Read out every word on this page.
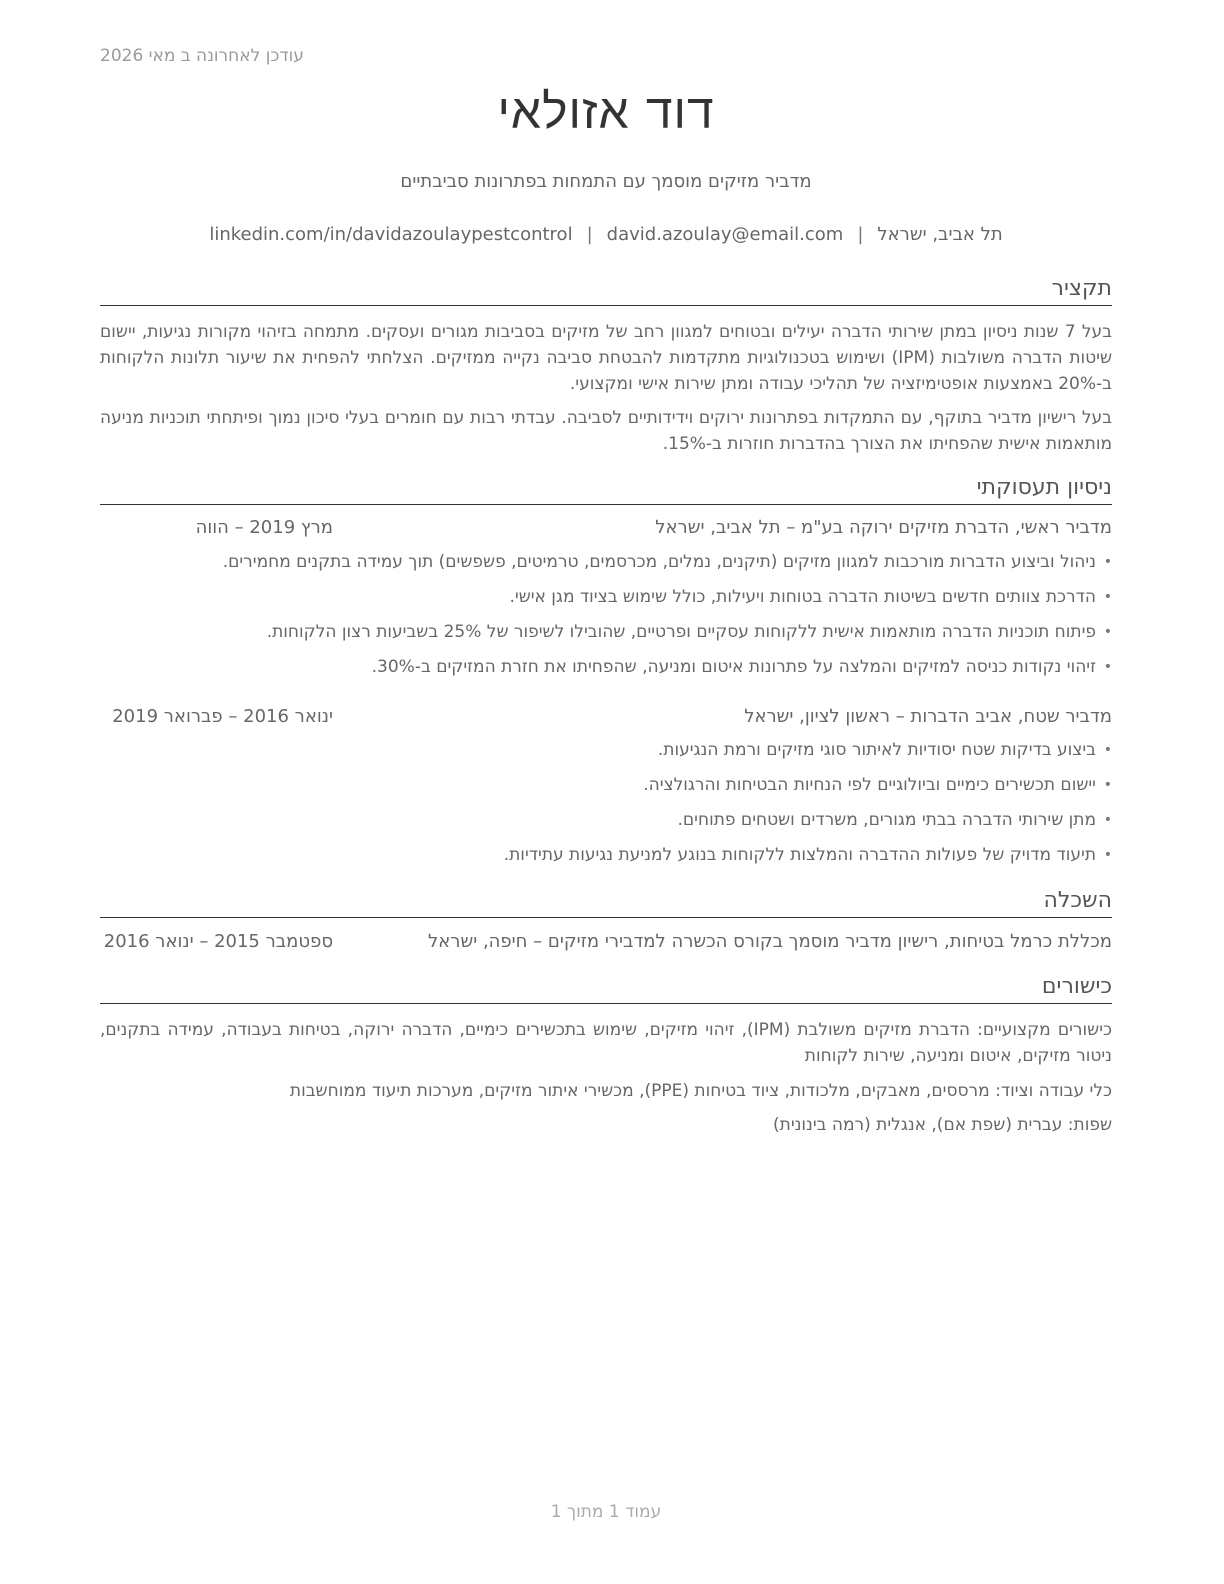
עודכן לאחרונה ב מאי 2026
דוד אזולאי
מדביר מזיקים מוסמך עם התמחות בפתרונות סביבתיים
תל אביב, ישראל|david.azoulay@email.com|linkedin.com/in/davidazoulaypestcontrol
תקציר
בעל 7 שנות ניסיון במתן שירותי הדברה יעילים ובטוחים למגוון רחב של מזיקים בסביבות מגורים ועסקים. מתמחה בזיהוי מקורות נגיעות, יישום שיטות הדברה משולבות (IPM) ושימוש בטכנולוגיות מתקדמות להבטחת סביבה נקייה ממזיקים. הצלחתי להפחית את שיעור תלונות הלקוחות ב-20% באמצעות אופטימיזציה של תהליכי עבודה ומתן שירות אישי ומקצועי.
בעל רישיון מדביר בתוקף, עם התמקדות בפתרונות ירוקים וידידותיים לסביבה. עבדתי רבות עם חומרים בעלי סיכון נמוך ופיתחתי תוכניות מניעה מותאמות אישית שהפחיתו את הצורך בהדברות חוזרות ב-15%.
ניסיון תעסוקתי
מדביר ראשי, הדברת מזיקים ירוקה בע"מ – תל אביב, ישראל
מרץ 2019 – הווה
• ניהול וביצוע הדברות מורכבות למגוון מזיקים (תיקנים, נמלים, מכרסמים, טרמיטים, פשפשים) תוך עמידה בתקנים מחמירים.
• הדרכת צוותים חדשים בשיטות הדברה בטוחות ויעילות, כולל שימוש בציוד מגן אישי.
• פיתוח תוכניות הדברה מותאמות אישית ללקוחות עסקיים ופרטיים, שהובילו לשיפור של 25% בשביעות רצון הלקוחות.
• זיהוי נקודות כניסה למזיקים והמלצה על פתרונות איטום ומניעה, שהפחיתו את חזרת המזיקים ב-30%.
מדביר שטח, אביב הדברות – ראשון לציון, ישראל
ינואר 2016 – פברואר 2019
• ביצוע בדיקות שטח יסודיות לאיתור סוגי מזיקים ורמת הנגיעות.
• יישום תכשירים כימיים וביולוגיים לפי הנחיות הבטיחות והרגולציה.
• מתן שירותי הדברה בבתי מגורים, משרדים ושטחים פתוחים.
• תיעוד מדויק של פעולות ההדברה והמלצות ללקוחות בנוגע למניעת נגיעות עתידיות.
השכלה
מכללת כרמל בטיחות, רישיון מדביר מוסמך בקורס הכשרה למדבירי מזיקים – חיפה, ישראל
ספטמבר 2015 – ינואר 2016
כישורים
כישורים מקצועיים: הדברת מזיקים משולבת (IPM), זיהוי מזיקים, שימוש בתכשירים כימיים, הדברה ירוקה, בטיחות בעבודה, עמידה בתקנים, ניטור מזיקים, איטום ומניעה, שירות לקוחות
כלי עבודה וציוד: מרססים, מאבקים, מלכודות, ציוד בטיחות (PPE), מכשירי איתור מזיקים, מערכות תיעוד ממוחשבות
שפות: עברית (שפת אם), אנגלית (רמה בינונית)
עמוד 1 מתוך 1
